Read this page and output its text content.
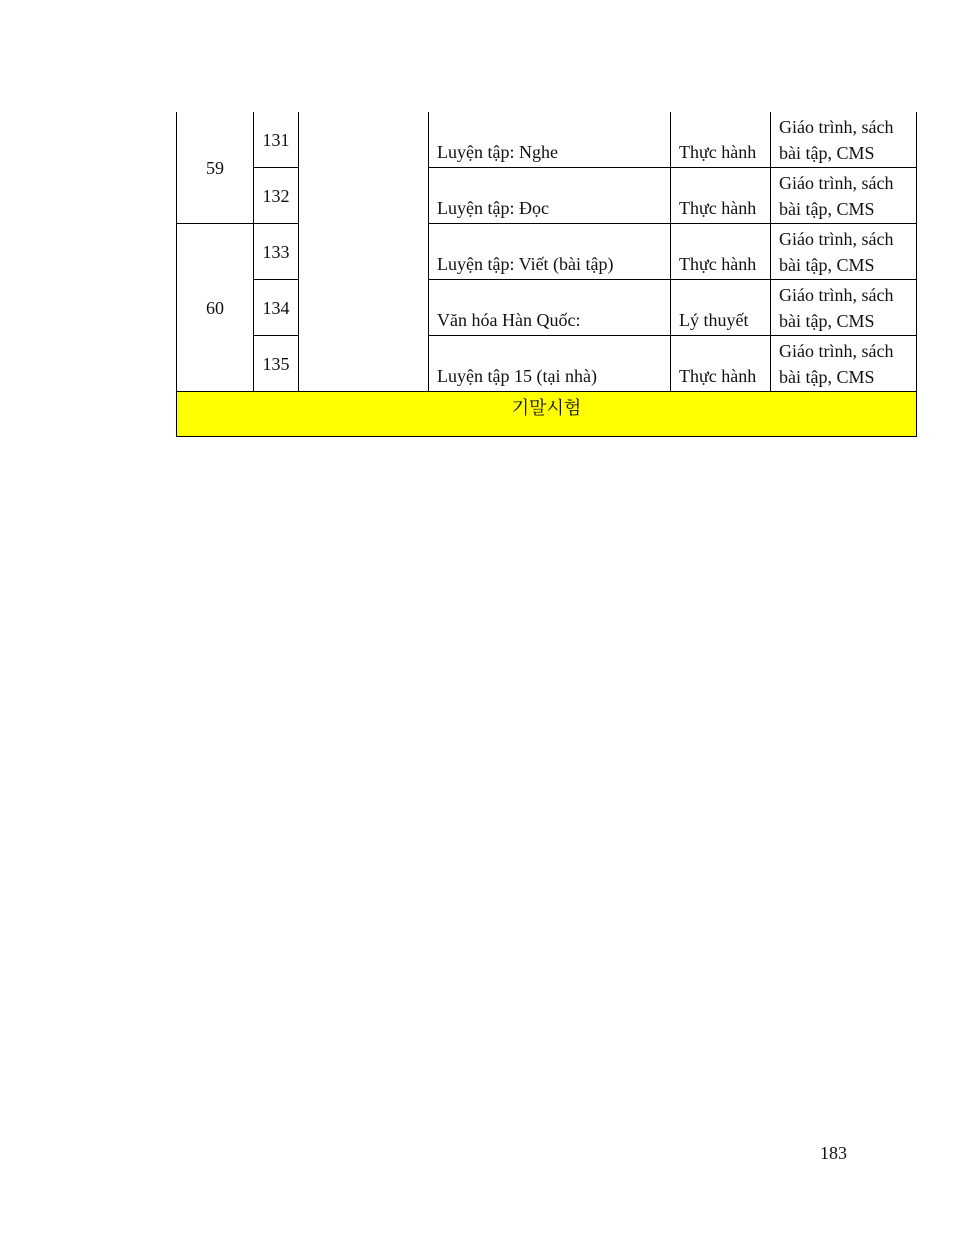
59	131		Luyện tập: Nghe	Thực hành	Giáo trình, sách
bài tập, CMS

	132		Luyện tập: Đọc	Thực hành	Giáo trình, sách
bài tập, CMS

60	133		Luyện tập: Viết (bài tập)	Thực hành	Giáo trình, sách
bài tập, CMS

	134		Văn hóa Hàn Quốc:	Lý thuyết	Giáo trình, sách
bài tập, CMS

	135		Luyện tập 15 (tại nhà)	Thực hành	Giáo trình, sách
bài tập, CMS

기말시험					
183
